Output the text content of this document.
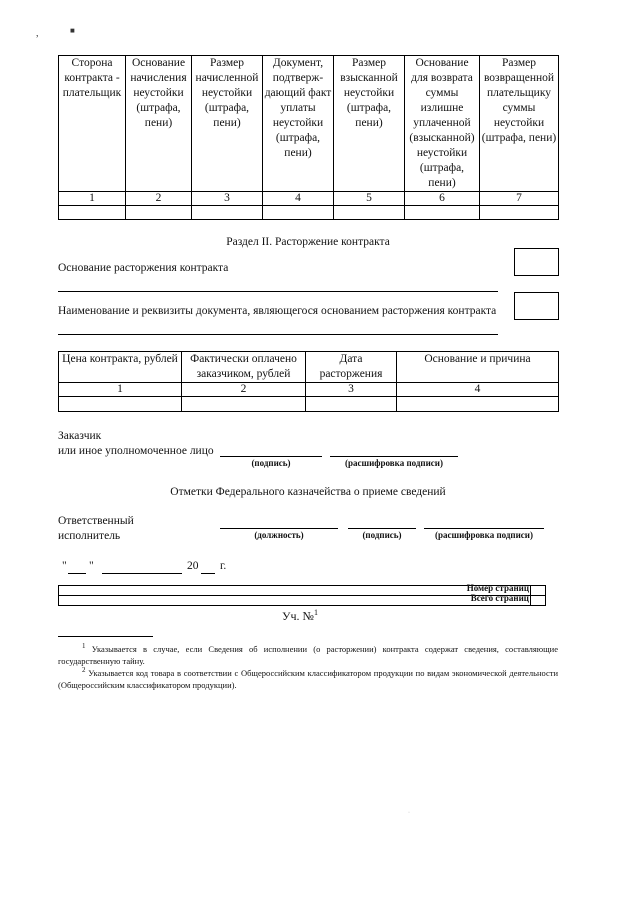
,	■
Сторона контракта - плательщик	Основание начисления неустойки (штрафа, пени)	Размер начисленной неустойки (штрафа, пени)	Документ, подтверж-дающий факт уплаты неустойки (штрафа, пени)	Размер взысканной неустойки (штрафа, пени)	Основание для возврата суммы излишне уплаченной (взысканной) неустойки (штрафа, пени)	Размер возвращенной плательщику суммы неустойки (штрафа, пени)
1	2	3	4	5	6	7

Раздел II. Расторжение контракта
Основание расторжения контракта
Наименование и реквизиты документа, являющегося основанием расторжения контракта
Цена контракта, рублей	Фактически оплачено заказчиком, рублей	Дата расторжения	Основание и причина
1	2	3	4

Заказчик
или иное уполномоченное лицо
(подпись)	(расшифровка подписи)
Отметки Федерального казначейства о приеме сведений
Ответственный
исполнитель	(должность)	(подпись)	(расшифровка подписи)
" "	20 г.
Номер страниц
Всего страниц
Уч. №$^1$
$^1$ Указывается в случае, если Сведения об исполнении (о расторжении) контракта содержат сведения, составляющие государственную тайну.
$^2$ Указывается код товара в соответствии с Общероссийским классификатором продукции по видам экономической деятельности (Общероссийским классификатором продукции).
·
